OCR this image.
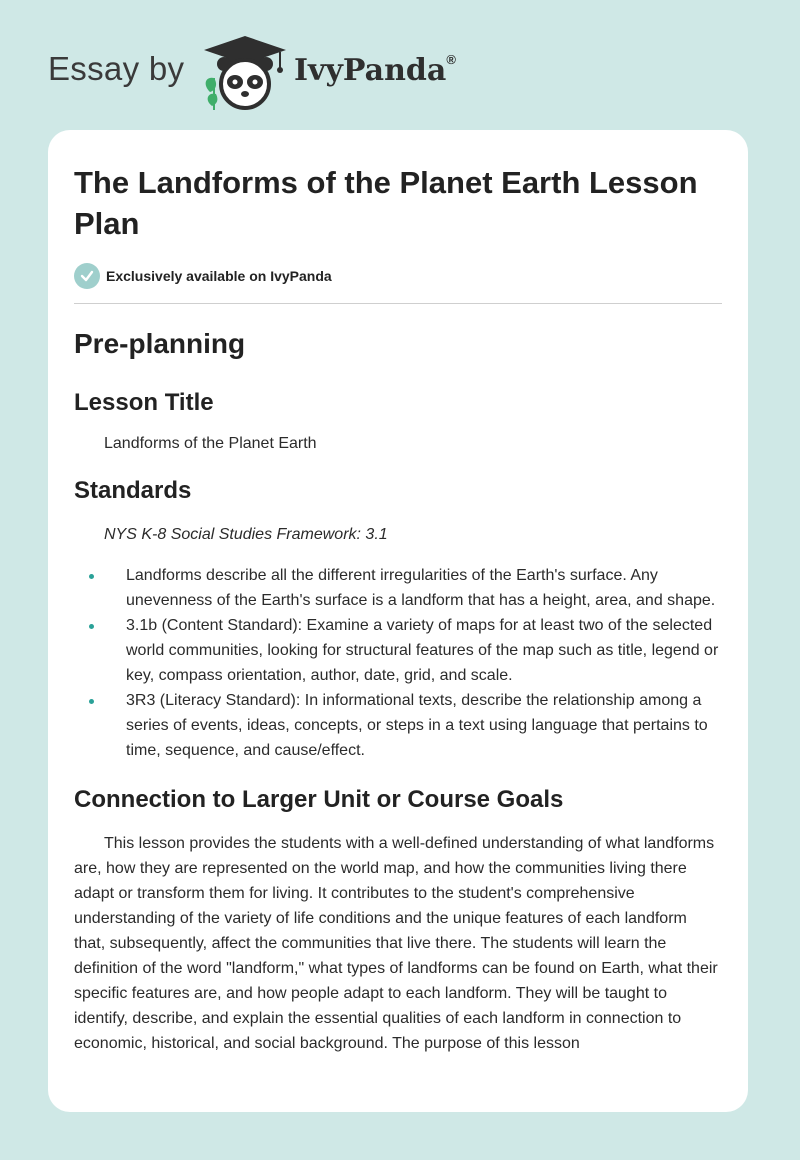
Essay by	IvyPanda®
The Landforms of the Planet Earth Lesson Plan
Exclusively available on IvyPanda
Pre-planning
Lesson Title

Landforms of the Planet Earth

Standards

NYS K-8 Social Studies Framework: 3.1

Landforms describe all the different irregularities of the Earth's surface. Any unevenness of the Earth's surface is a landform that has a height, area, and shape.
3.1b (Content Standard): Examine a variety of maps for at least two of the selected world communities, looking for structural features of the map such as title, legend or key, compass orientation, author, date, grid, and scale.
3R3 (Literacy Standard): In informational texts, describe the relationship among a series of events, ideas, concepts, or steps in a text using language that pertains to time, sequence, and cause/effect.
Connection to Larger Unit or Course Goals

This lesson provides the students with a well-defined understanding of what landforms are, how they are represented on the world map, and how the communities living there adapt or transform them for living. It contributes to the student's comprehensive understanding of the variety of life conditions and the unique features of each landform that, subsequently, affect the communities that live there. The students will learn the definition of the word "landform," what types of landforms can be found on Earth, what their specific features are, and how people adapt to each landform. They will be taught to identify, describe, and explain the essential qualities of each landform in connection to economic, historical, and social background. The purpose of this lesson
